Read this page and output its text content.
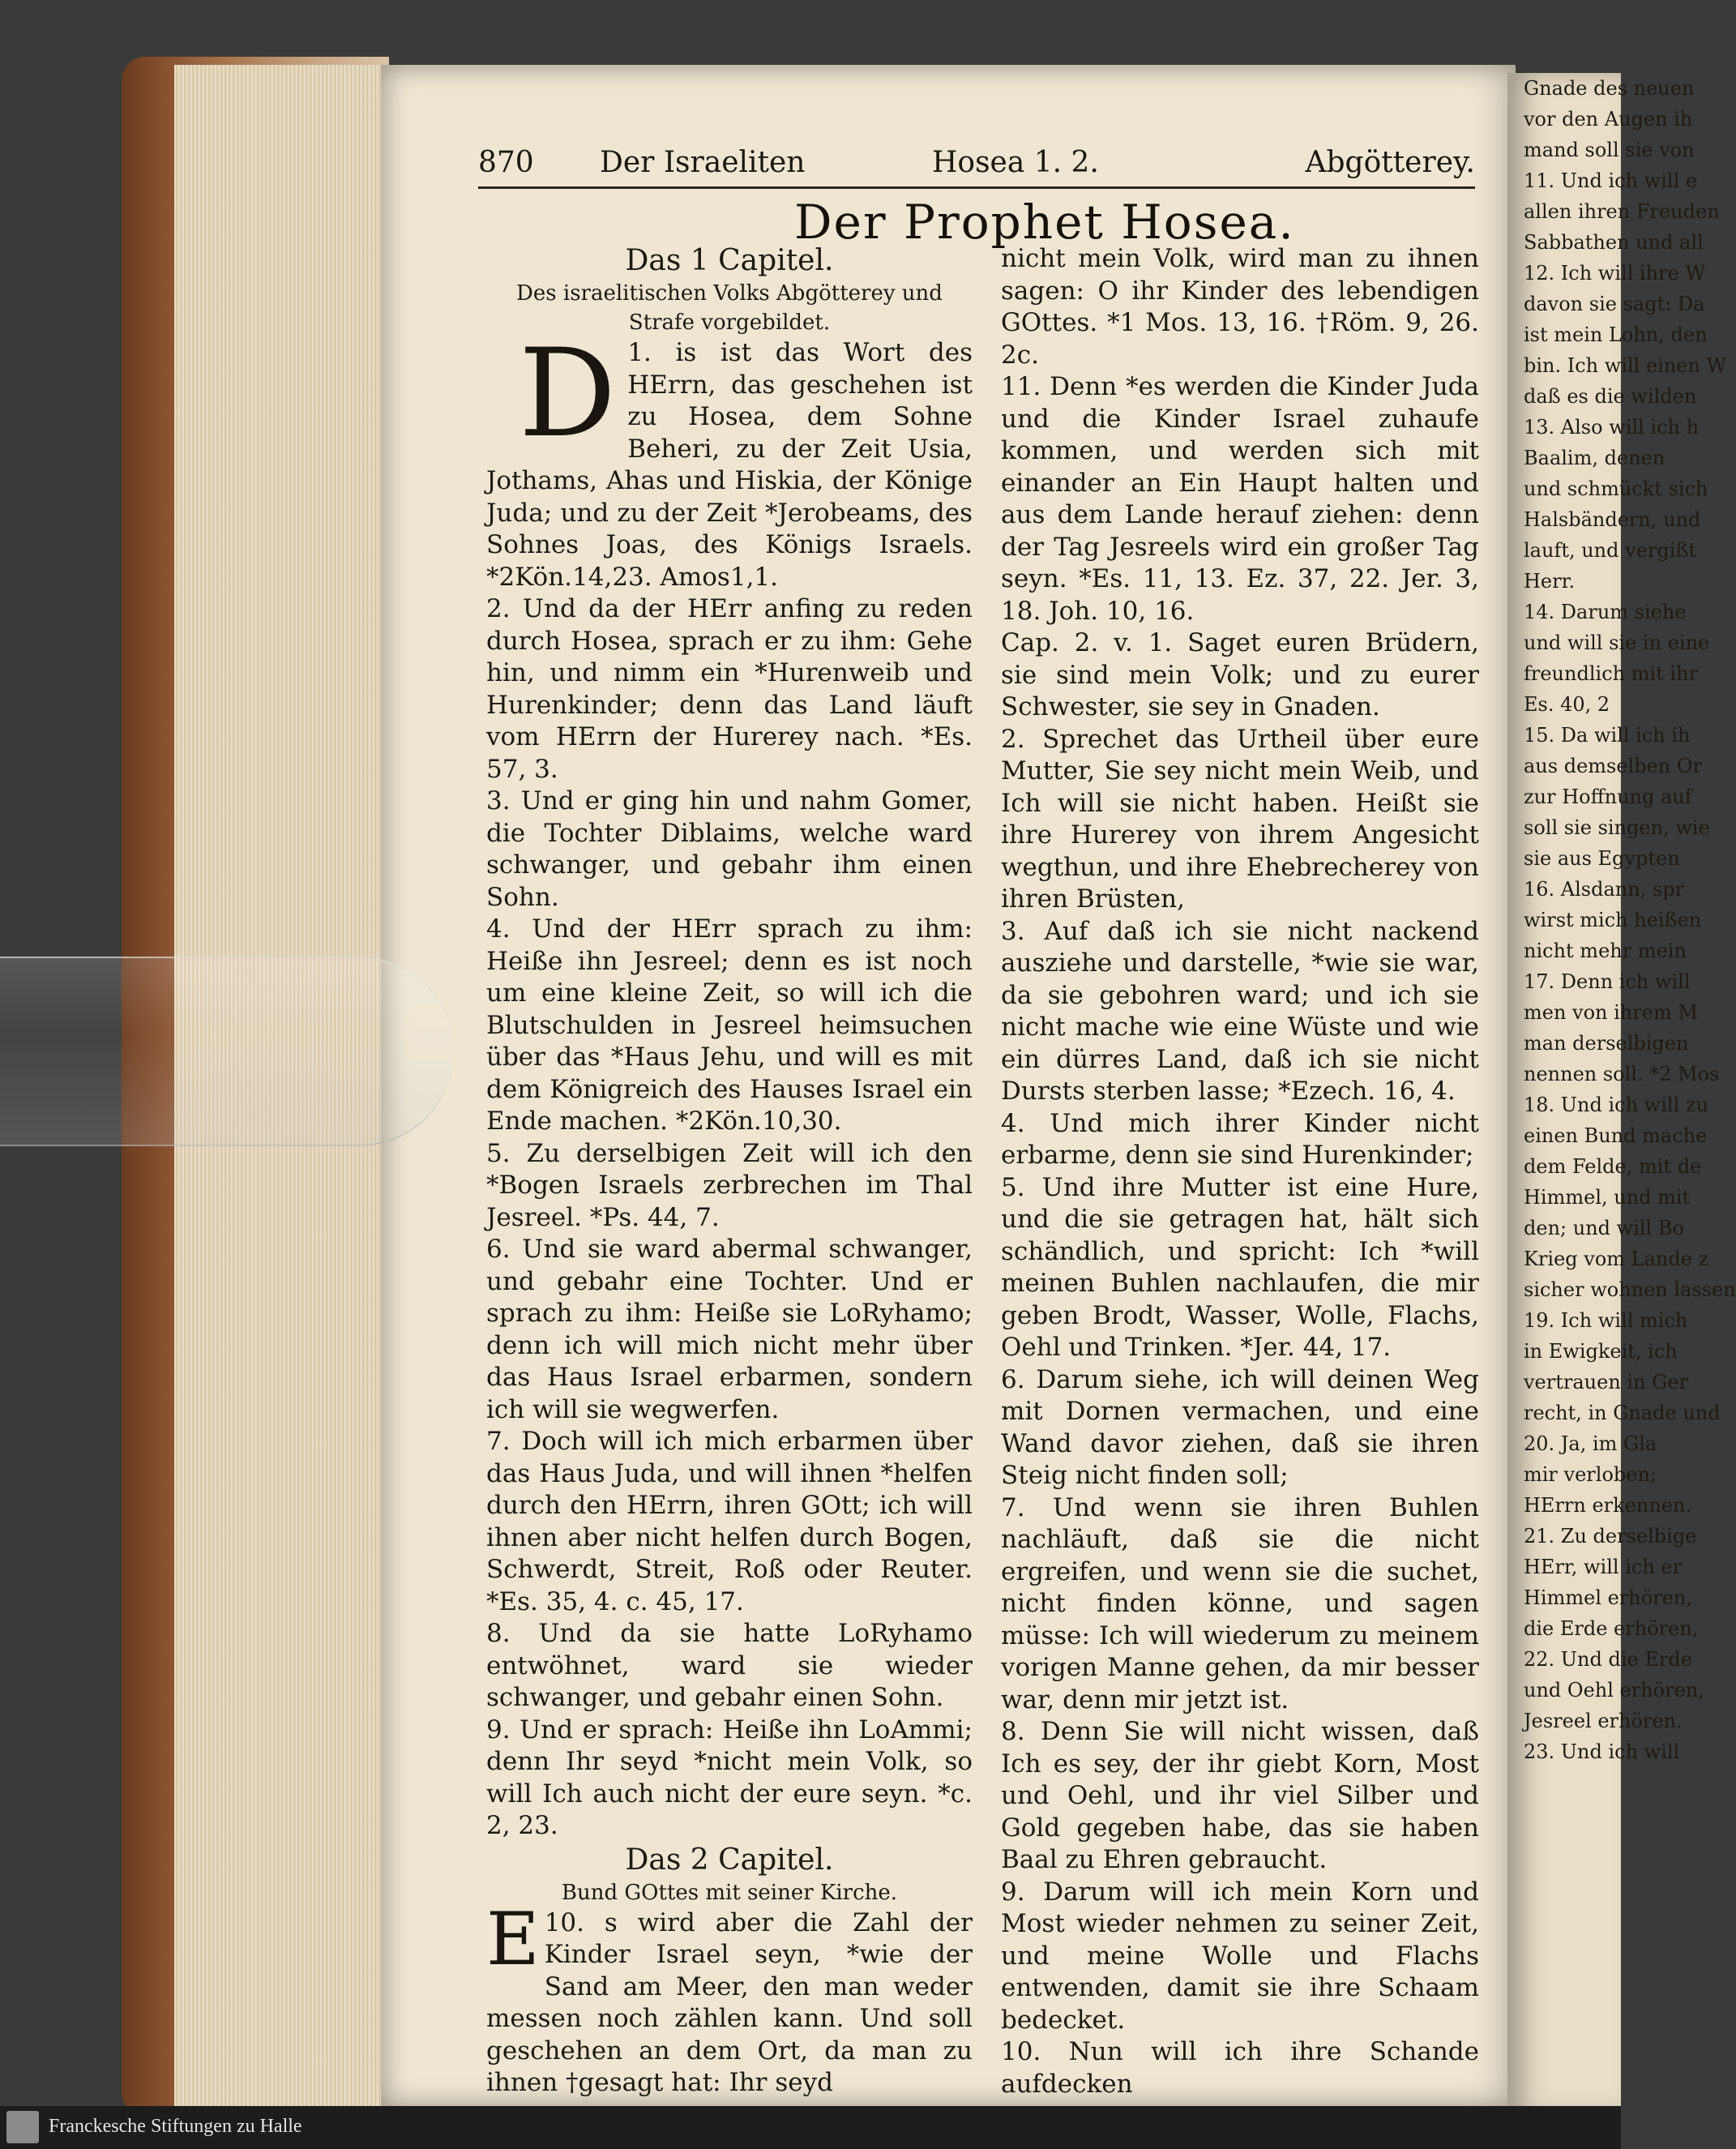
Gnade des neuen
vor den Augen ih
mand soll sie von
11. Und ich will e
allen ihren Freuden
Sabbathen und all
12. Ich will ihre W
davon sie sagt: Da
ist mein Lohn, den
bin. Ich will einen W
daß es die wilden
13. Also will ich h
Baalim, denen
und schmückt sich
Halsbändern, und
lauft, und vergißt
Herr.
14. Darum siehe
und will sie in eine
freundlich mit ihr
Es. 40, 2
15. Da will ich ih
aus demselben Or
zur Hoffnung auf
soll sie singen, wie
sie aus Egypten
16. Alsdann, spr
wirst mich heißen
nicht mehr mein
17. Denn ich will
men von ihrem M
man derselbigen
nennen soll. *2 Mos
18. Und ich will zu
einen Bund mache
dem Felde, mit de
Himmel, und mit
den; und will Bo
Krieg vom Lande z
sicher wohnen lassen
19. Ich will mich
in Ewigkeit, ich
vertrauen in Ger
recht, in Gnade und
20. Ja, im Gla
mir verloben;
HErrn erkennen.
21. Zu derselbige
HErr, will ich er
Himmel erhören,
die Erde erhören,
22. Und die Erde
und Oehl erhören,
Jesreel erhören.
23. Und ich will
870 Der Israeliten	Hosea 1. 2.	Abgötterey.
Der Prophet Hosea.

Das 1 Capitel.

Des israelitischen Volks Abgötterey und Strafe vorgebildet.

D 1. is ist das Wort des HErrn, das geschehen ist zu Hosea, dem Sohne Beheri, zu der Zeit Usia, Jothams, Ahas und Hiskia, der Könige Juda; und zu der Zeit *Jerobeams, des Sohnes Joas, des Königs Israels. *2Kön.14,23. Amos1,1.

2. Und da der HErr anfing zu reden durch Hosea, sprach er zu ihm: Gehe hin, und nimm ein *Hurenweib und Hurenkinder; denn das Land läuft vom HErrn der Hurerey nach. *Es. 57, 3.

3. Und er ging hin und nahm Gomer, die Tochter Diblaims, welche ward schwanger, und gebahr ihm einen Sohn.

4. Und der HErr sprach zu ihm: Heiße ihn Jesreel; denn es ist noch um eine kleine Zeit, so will ich die Blutschulden in Jesreel heimsuchen über das *Haus Jehu, und will es mit dem Königreich des Hauses Israel ein Ende machen. *2Kön.10,30.

5. Zu derselbigen Zeit will ich den *Bogen Israels zerbrechen im Thal Jesreel. *Ps. 44, 7.

6. Und sie ward abermal schwanger, und gebahr eine Tochter. Und er sprach zu ihm: Heiße sie LoRyhamo; denn ich will mich nicht mehr über das Haus Israel erbarmen, sondern ich will sie wegwerfen.

7. Doch will ich mich erbarmen über das Haus Juda, und will ihnen *helfen durch den HErrn, ihren GOtt; ich will ihnen aber nicht helfen durch Bogen, Schwerdt, Streit, Roß oder Reuter. *Es. 35, 4. c. 45, 17.

8. Und da sie hatte LoRyhamo entwöhnet, ward sie wieder schwanger, und gebahr einen Sohn.

9. Und er sprach: Heiße ihn LoAmmi; denn Ihr seyd *nicht mein Volk, so will Ich auch nicht der eure seyn. *c. 2, 23.

Das 2 Capitel.

Bund GOttes mit seiner Kirche.

E 10. s wird aber die Zahl der Kinder Israel seyn, *wie der Sand am Meer, den man weder messen noch zählen kann. Und soll geschehen an dem Ort, da man zu ihnen †gesagt hat: Ihr seyd

nicht mein Volk, wird man zu ihnen sagen: O ihr Kinder des lebendigen GOttes. *1 Mos. 13, 16. †Röm. 9, 26. 2c.

11. Denn *es werden die Kinder Juda und die Kinder Israel zuhaufe kommen, und werden sich mit einander an Ein Haupt halten und aus dem Lande herauf ziehen: denn der Tag Jesreels wird ein großer Tag seyn. *Es. 11, 13. Ez. 37, 22. Jer. 3, 18. Joh. 10, 16.

Cap. 2. v. 1. Saget euren Brüdern, sie sind mein Volk; und zu eurer Schwester, sie sey in Gnaden.

2. Sprechet das Urtheil über eure Mutter, Sie sey nicht mein Weib, und Ich will sie nicht haben. Heißt sie ihre Hurerey von ihrem Angesicht wegthun, und ihre Ehebrecherey von ihren Brüsten,

3. Auf daß ich sie nicht nackend ausziehe und darstelle, *wie sie war, da sie gebohren ward; und ich sie nicht mache wie eine Wüste und wie ein dürres Land, daß ich sie nicht Dursts sterben lasse; *Ezech. 16, 4.

4. Und mich ihrer Kinder nicht erbarme, denn sie sind Hurenkinder;

5. Und ihre Mutter ist eine Hure, und die sie getragen hat, hält sich schändlich, und spricht: Ich *will meinen Buhlen nachlaufen, die mir geben Brodt, Wasser, Wolle, Flachs, Oehl und Trinken. *Jer. 44, 17.

6. Darum siehe, ich will deinen Weg mit Dornen vermachen, und eine Wand davor ziehen, daß sie ihren Steig nicht finden soll;

7. Und wenn sie ihren Buhlen nachläuft, daß sie die nicht ergreifen, und wenn sie die suchet, nicht finden könne, und sagen müsse: Ich will wiederum zu meinem vorigen Manne gehen, da mir besser war, denn mir jetzt ist.

8. Denn Sie will nicht wissen, daß Ich es sey, der ihr giebt Korn, Most und Oehl, und ihr viel Silber und Gold gegeben habe, das sie haben Baal zu Ehren gebraucht.

9. Darum will ich mein Korn und Most wieder nehmen zu seiner Zeit, und meine Wolle und Flachs entwenden, damit sie ihre Schaam bedecket.

10. Nun will ich ihre Schande aufdecken

Franckesche Stiftungen zu Halle
